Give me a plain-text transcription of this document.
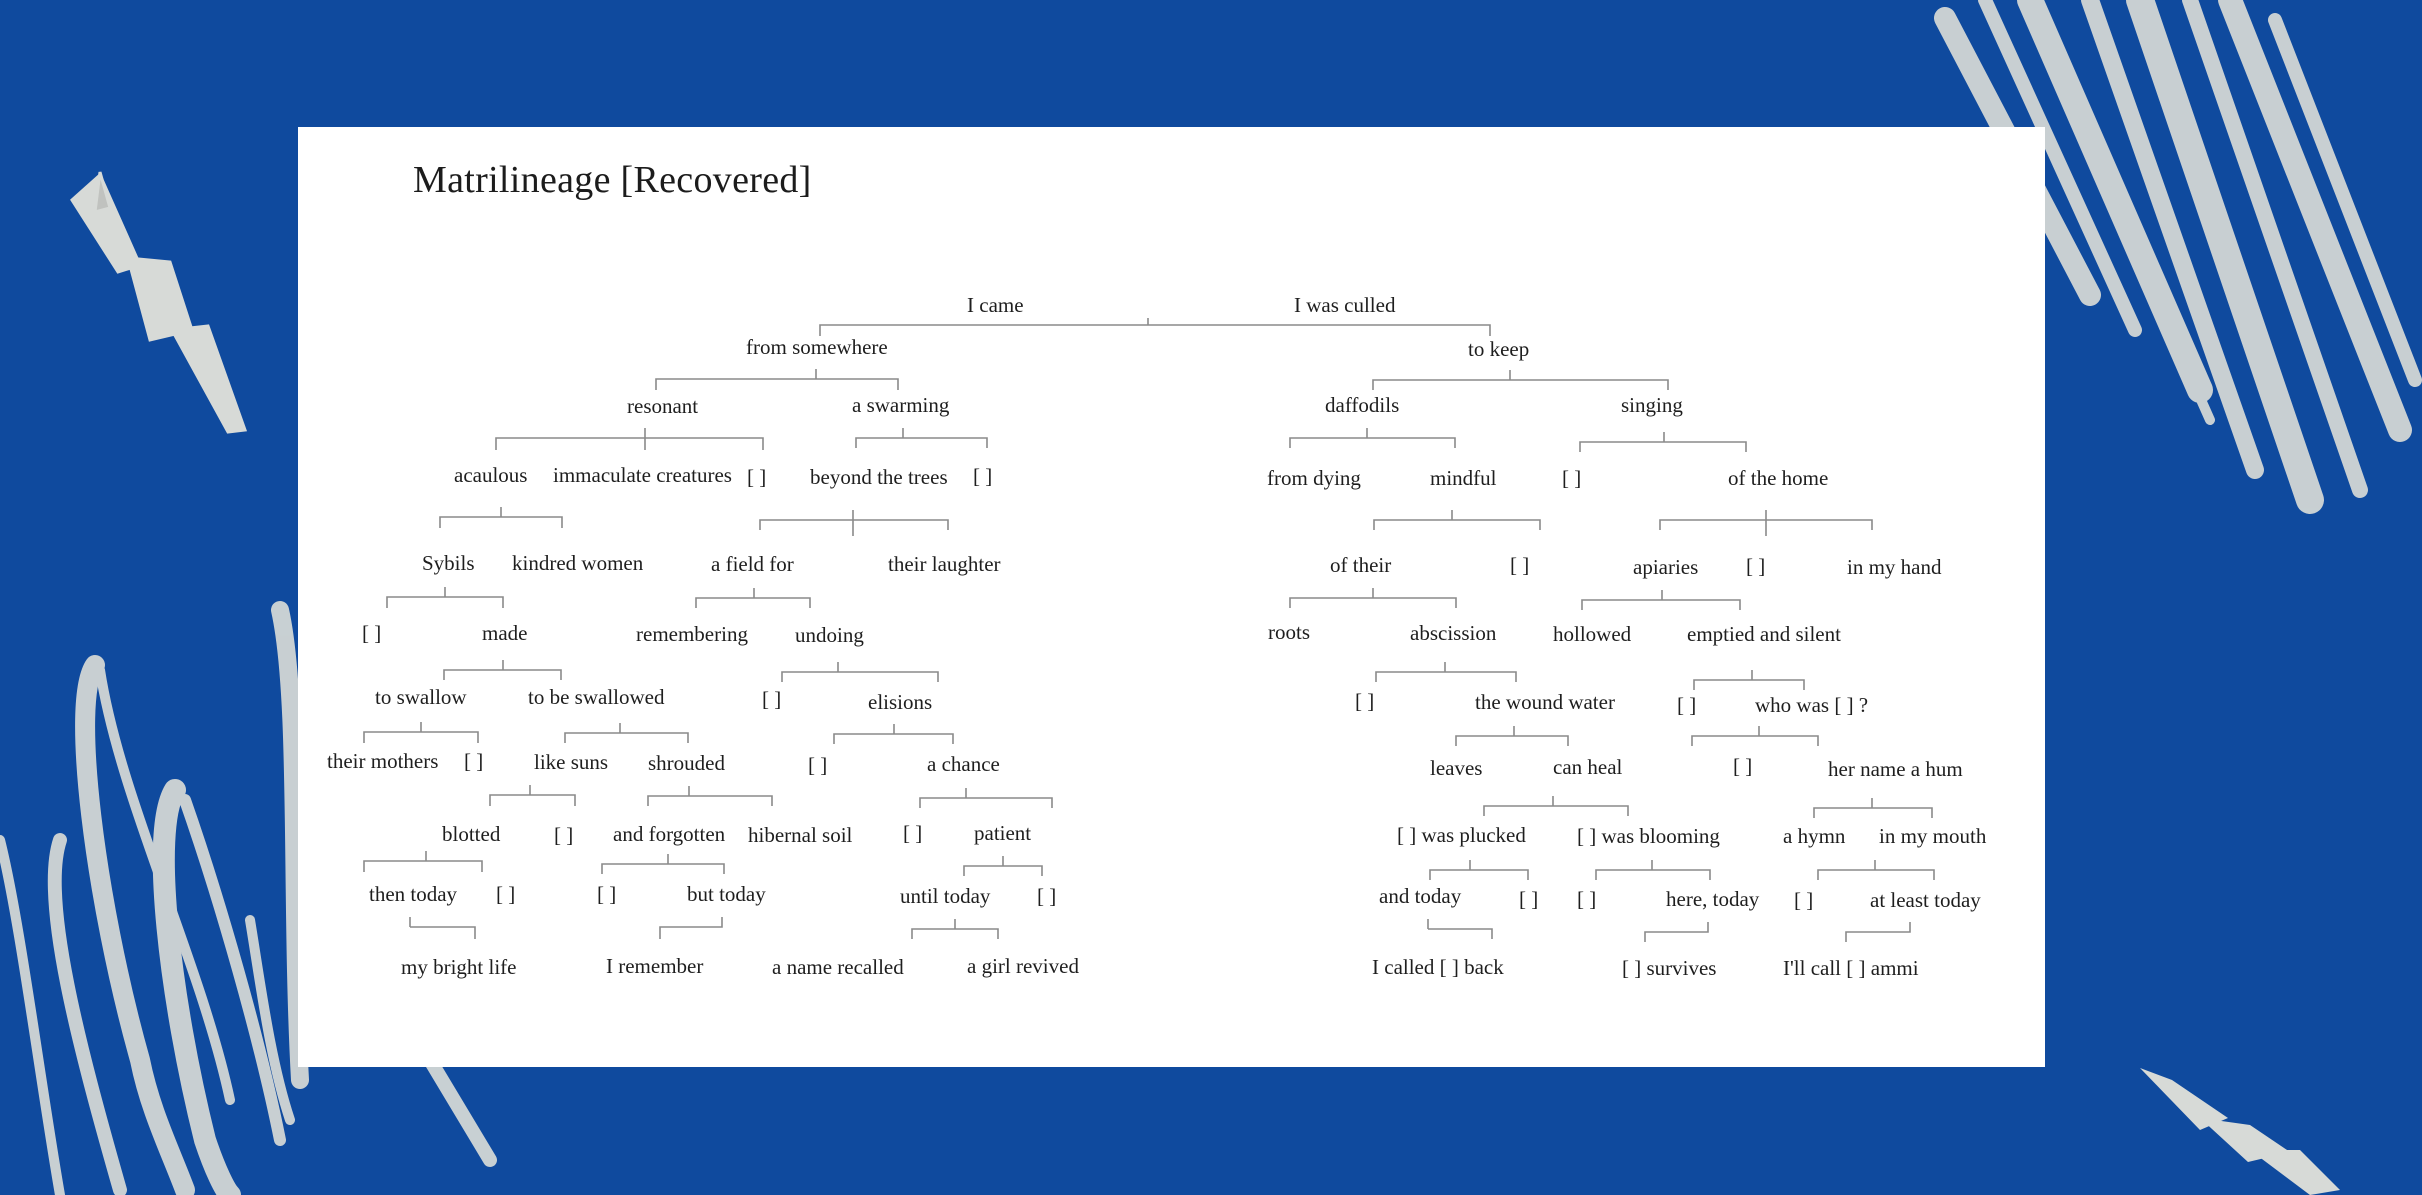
Matrilineage [Recovered]
I came	I was culled
from somewhere	to keep
resonant	a swarming	daffodils	singing
acaulous immaculate creatures [ ] beyond the trees [ ]	from dying	mindful	[ ]	of the home
Sybils kindred women	a field for	their laughter	of their	[ ]	apiaries [ ]	in my hand
[ ]	made	remembering undoing	roots	abscission	hollowed	emptied and silent
to swallow	to be swallowed	[ ]	elisions	[ ]	the wound water	[ ]	who was [ ] ?
their mothers [ ] like suns shrouded	[ ]	a chance	leaves	can heal	[ ]	her name a hum
blotted	[ ] and forgotten hibernal soil [ ] patient	[ ] was plucked [ ] was blooming	a hymn in my mouth
then today [ ]	[ ]	but today	until today [ ]	and today	[ ] [ ]	here, today [ ]	at least today
my bright life	I remember	a name recalled	a girl revived	I called [ ] back	[ ] survives	I'll call [ ] ammi
